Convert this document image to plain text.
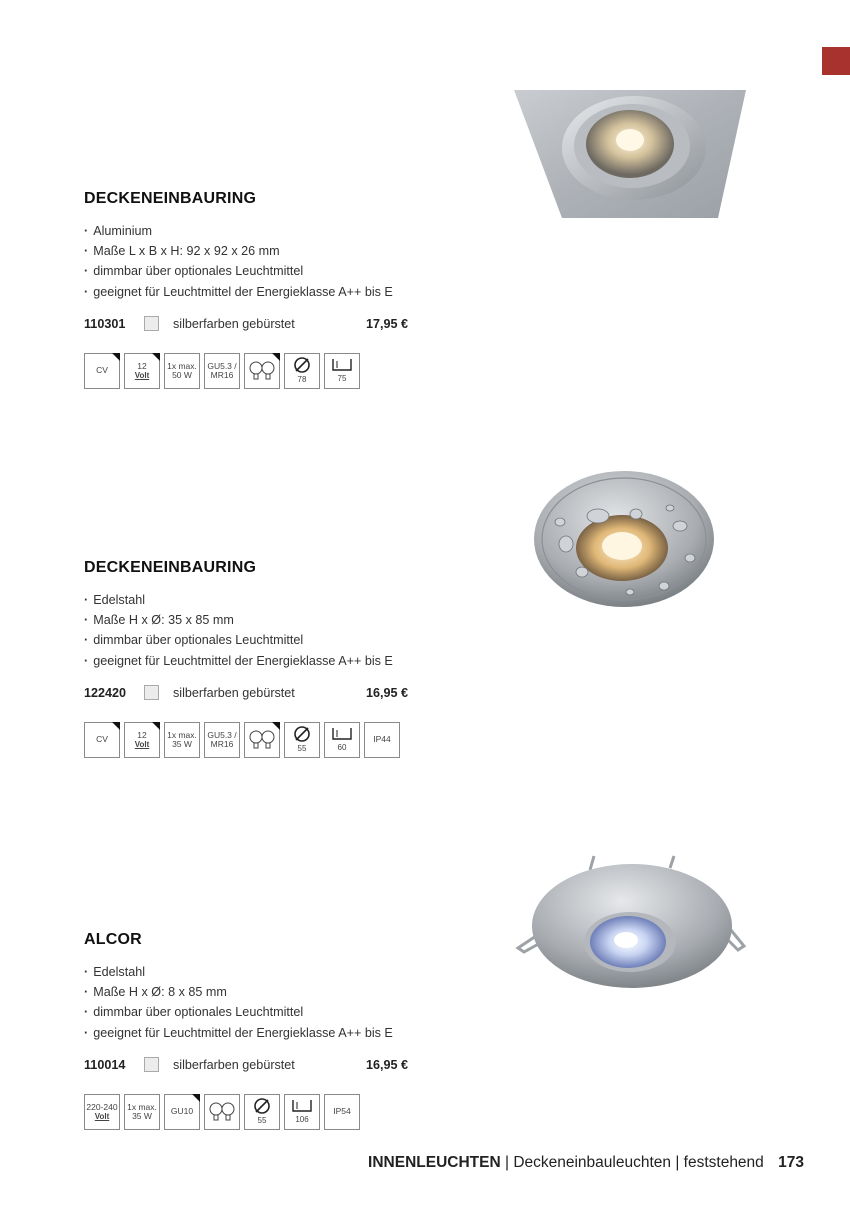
DECKENEINBAURING
· Aluminium
· Maße L x B x H: 92 x 92 x 26 mm
· dimmbar über optionales Leuchtmittel
· geeignet für Leuchtmittel der Energieklasse A++ bis E
110301	silberfarben gebürstet	17,95 €
CV	12
Volt
1x max.
50 W
GU5.3 /
MR16	78	75
DECKENEINBAURING
· Edelstahl
· Maße H x Ø: 35 x 85 mm
· dimmbar über optionales Leuchtmittel
· geeignet für Leuchtmittel der Energieklasse A++ bis E
122420	silberfarben gebürstet	16,95 €
CV	12
Volt
1x max.
35 W
GU5.3 /
MR16	55	60
IP44
ALCOR
· Edelstahl
· Maße H x Ø: 8 x 85 mm
· dimmbar über optionales Leuchtmittel
· geeignet für Leuchtmittel der Energieklasse A++ bis E
110014	silberfarben gebürstet	16,95 €
220-240
Volt
1x max.
35 W GU10
55	106
IP54
INNENLEUCHTEN | Deckeneinbauleuchten | feststehend 173
